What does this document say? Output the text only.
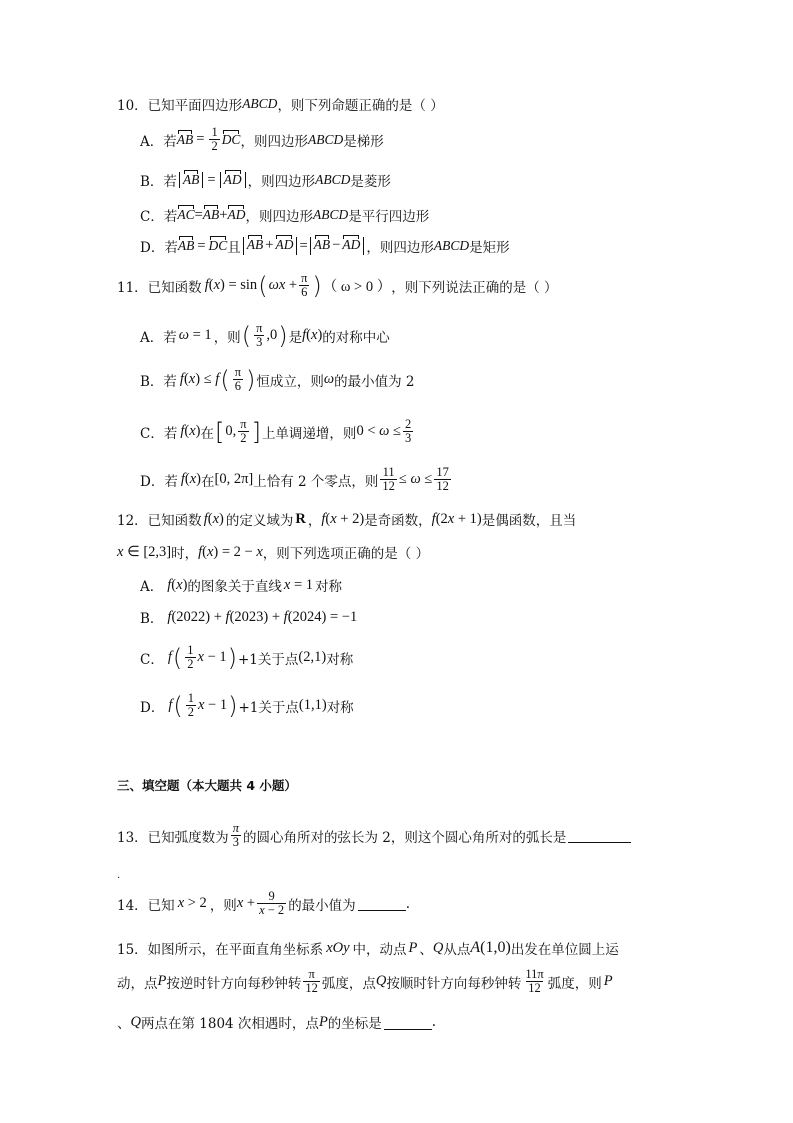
10．已知平面四边形 ABCD ，则下列命题正确的是（ ）
A．若 AB = $\frac{1}{2}$ DC ，则四边形 ABCD 是梯形
B．若 AB = AD ，则四边形 ABCD 是菱形
C．若 AC = AB + AD ，则四边形 ABCD 是平行四边形
D．若 AB = DC 且 AB + AD = AB − AD ，则四边形 ABCD 是矩形
11．已知函数 f(x) = sin ( $\omega x + \frac{\pi}{6}$ ) （ ω > 0 ） ，则下列说法正确的是（ ）
A．若 ω = 1 ，则 ( $\frac{\pi}{3} ,0$ ) 是 f(x) 的对称中心
B．若 f(x) ≤ f ( $\frac{\pi}{6}$ ) 恒成立，则 ω 的最小值为 2
C．若 f(x) 在 [ 0, $\frac{\pi}{2}$ ] 上单调递增，则 $0 < \omega \le \frac{2}{3}$
D．若 f(x) 在 [0, 2π] 上恰有 2 个零点，则 $\frac{11}{12} \le \omega \le \frac{17}{12}$
12．已知函数 f(x) 的定义域为 R ， f(x + 2) 是奇函数， f(2x + 1) 是偶函数，且当
x ∈ [2,3] 时， f(x) = 2 − x ，则下列选项正确的是（ ）
A． f(x) 的图象关于直线 x = 1 对称
B． f(2022) + f(2023) + f(2024) = −1
C． f ( $\frac{1}{2}$ x − 1 ) +1关于点 (2,1) 对称
D． f ( $\frac{1}{2}$ x − 1 ) +1关于点 (1,1) 对称
三、填空题（本大题共 4 小题）
13．已知弧度数为 $\frac{\pi}{3}$ 的圆心角所对的弦长为 2，则这个圆心角所对的弧长是
.
14．已知 x > 2 ，则 $x + \frac{9}{x - 2}$ 的最小值为	.
15．如图所示，在平面直角坐标系 xOy 中，动点 P 、 Q 从点 A(1,0) 出发在单位圆上运
动，点 P 按逆时针方向每秒钟转 $\frac{\pi}{12}$ 弧度，点 Q 按顺时针方向每秒钟转 $\frac{11\pi}{12}$ 弧度，则 P
、 Q 两点在第 1804 次相遇时，点 P 的坐标是	.
